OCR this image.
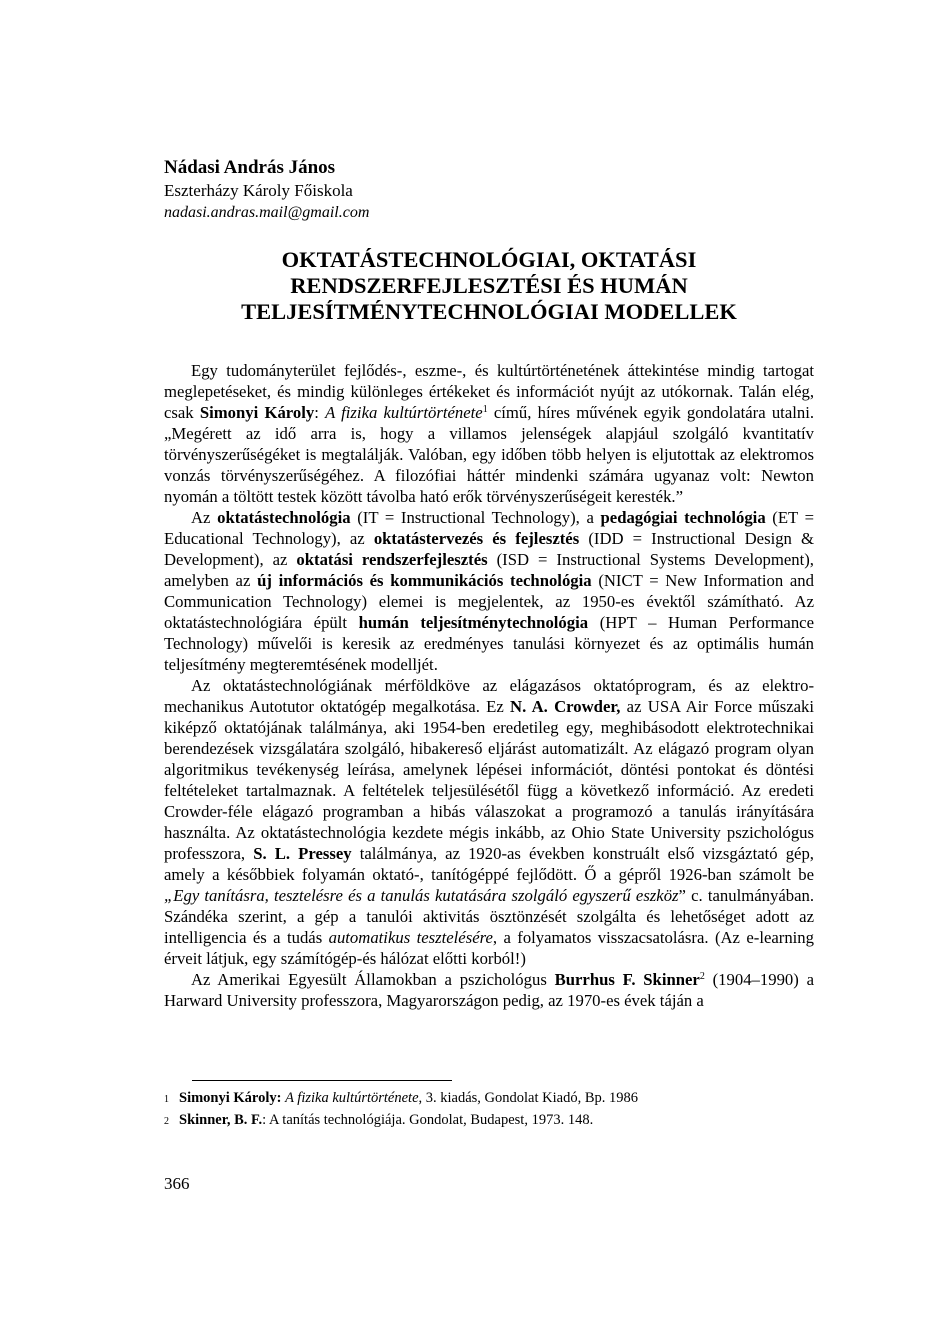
Nádasi András János
Eszterházy Károly Főiskola
nadasi.andras.mail@gmail.com
OKTATÁSTECHNOLÓGIAI, OKTATÁSI
RENDSZERFEJLESZTÉSI ÉS HUMÁN
TELJESÍTMÉNYTECHNOLÓGIAI MODELLEK

Egy tudományterület fejlődés-, eszme-, és kultúrtörténetének áttekintése mindig tartogat meglepetéseket, és mindig különleges értékeket és információt nyújt az utókornak. Talán elég, csak Simonyi Károly: A fizika kultúrtörténete$^1$ című, híres művének egyik gondolatára utalni. „Megérett az idő arra is, hogy a villamos jelenségek alapjául szolgáló kvantitatív törvényszerűségéket is megtalálják. Valóban, egy időben több helyen is eljutottak az elektromos vonzás törvényszerűségéhez. A filozófiai háttér mindenki számára ugyanaz volt: Newton nyomán a töltött testek között távolba ható erők törvényszerűségeit keresték.”

Az oktatástechnológia (IT = Instructional Technology), a pedagógiai technológia (ET = Educational Technology), az oktatástervezés és fejlesztés (IDD = Instructional Design & Development), az oktatási rendszerfejlesztés (ISD = Instructional Systems Development), amelyben az új információs és kommunikációs technológia (NICT = New Information and Communication Technology) elemei is megjelentek, az 1950-es évektől számítható. Az oktatástechnológiára épült humán teljesítménytechnológia (HPT – Human Performance Technology) művelői is keresik az eredményes tanulási környezet és az optimális humán teljesítmény megteremtésének modelljét.

Az oktatástechnológiának mérföldköve az elágazásos oktatóprogram, és az elektromechanikus Autotutor oktatógép megalkotása. Ez N. A. Crowder, az USA Air Force műszaki kiképző oktatójának találmánya, aki 1954-ben eredetileg egy, meghibásodott elektrotechnikai berendezések vizsgálatára szolgáló, hibakereső eljárást automatizált. Az elágazó program olyan algoritmikus tevékenység leírása, amelynek lépései információt, döntési pontokat és döntési feltételeket tartalmaznak. A feltételek teljesülésétől függ a következő információ. Az eredeti Crowder-féle elágazó programban a hibás válaszokat a programozó a tanulás irányítására használta. Az oktatástechnológia kezdete mégis inkább, az Ohio State University pszichológus professzora, S. L. Pressey találmánya, az 1920-as években konstruált első vizsgáztató gép, amely a későbbiek folyamán oktató-, tanítógéppé fejlődött. Ő a gépről 1926-ban számolt be „Egy tanításra, tesztelésre és a tanulás kutatására szolgáló egyszerű eszköz” c. tanulmányában. Szándéka szerint, a gép a tanulói aktivitás ösztönzését szolgálta és lehetőséget adott az intelligencia és a tudás automatikus tesztelésére, a folyamatos visszacsatolásra. (Az e-learning érveit látjuk, egy számítógép-és hálózat előtti korból!)

Az Amerikai Egyesült Államokban a pszichológus Burrhus F. Skinner$^2$ (1904–1990) a Harward University professzora, Magyarországon pedig, az 1970-es évek táján a

1 Simonyi Károly: A fizika kultúrtörténete, 3. kiadás, Gondolat Kiadó, Bp. 1986
2 Skinner, B. F.: A tanítás technológiája. Gondolat, Budapest, 1973. 148.
366
